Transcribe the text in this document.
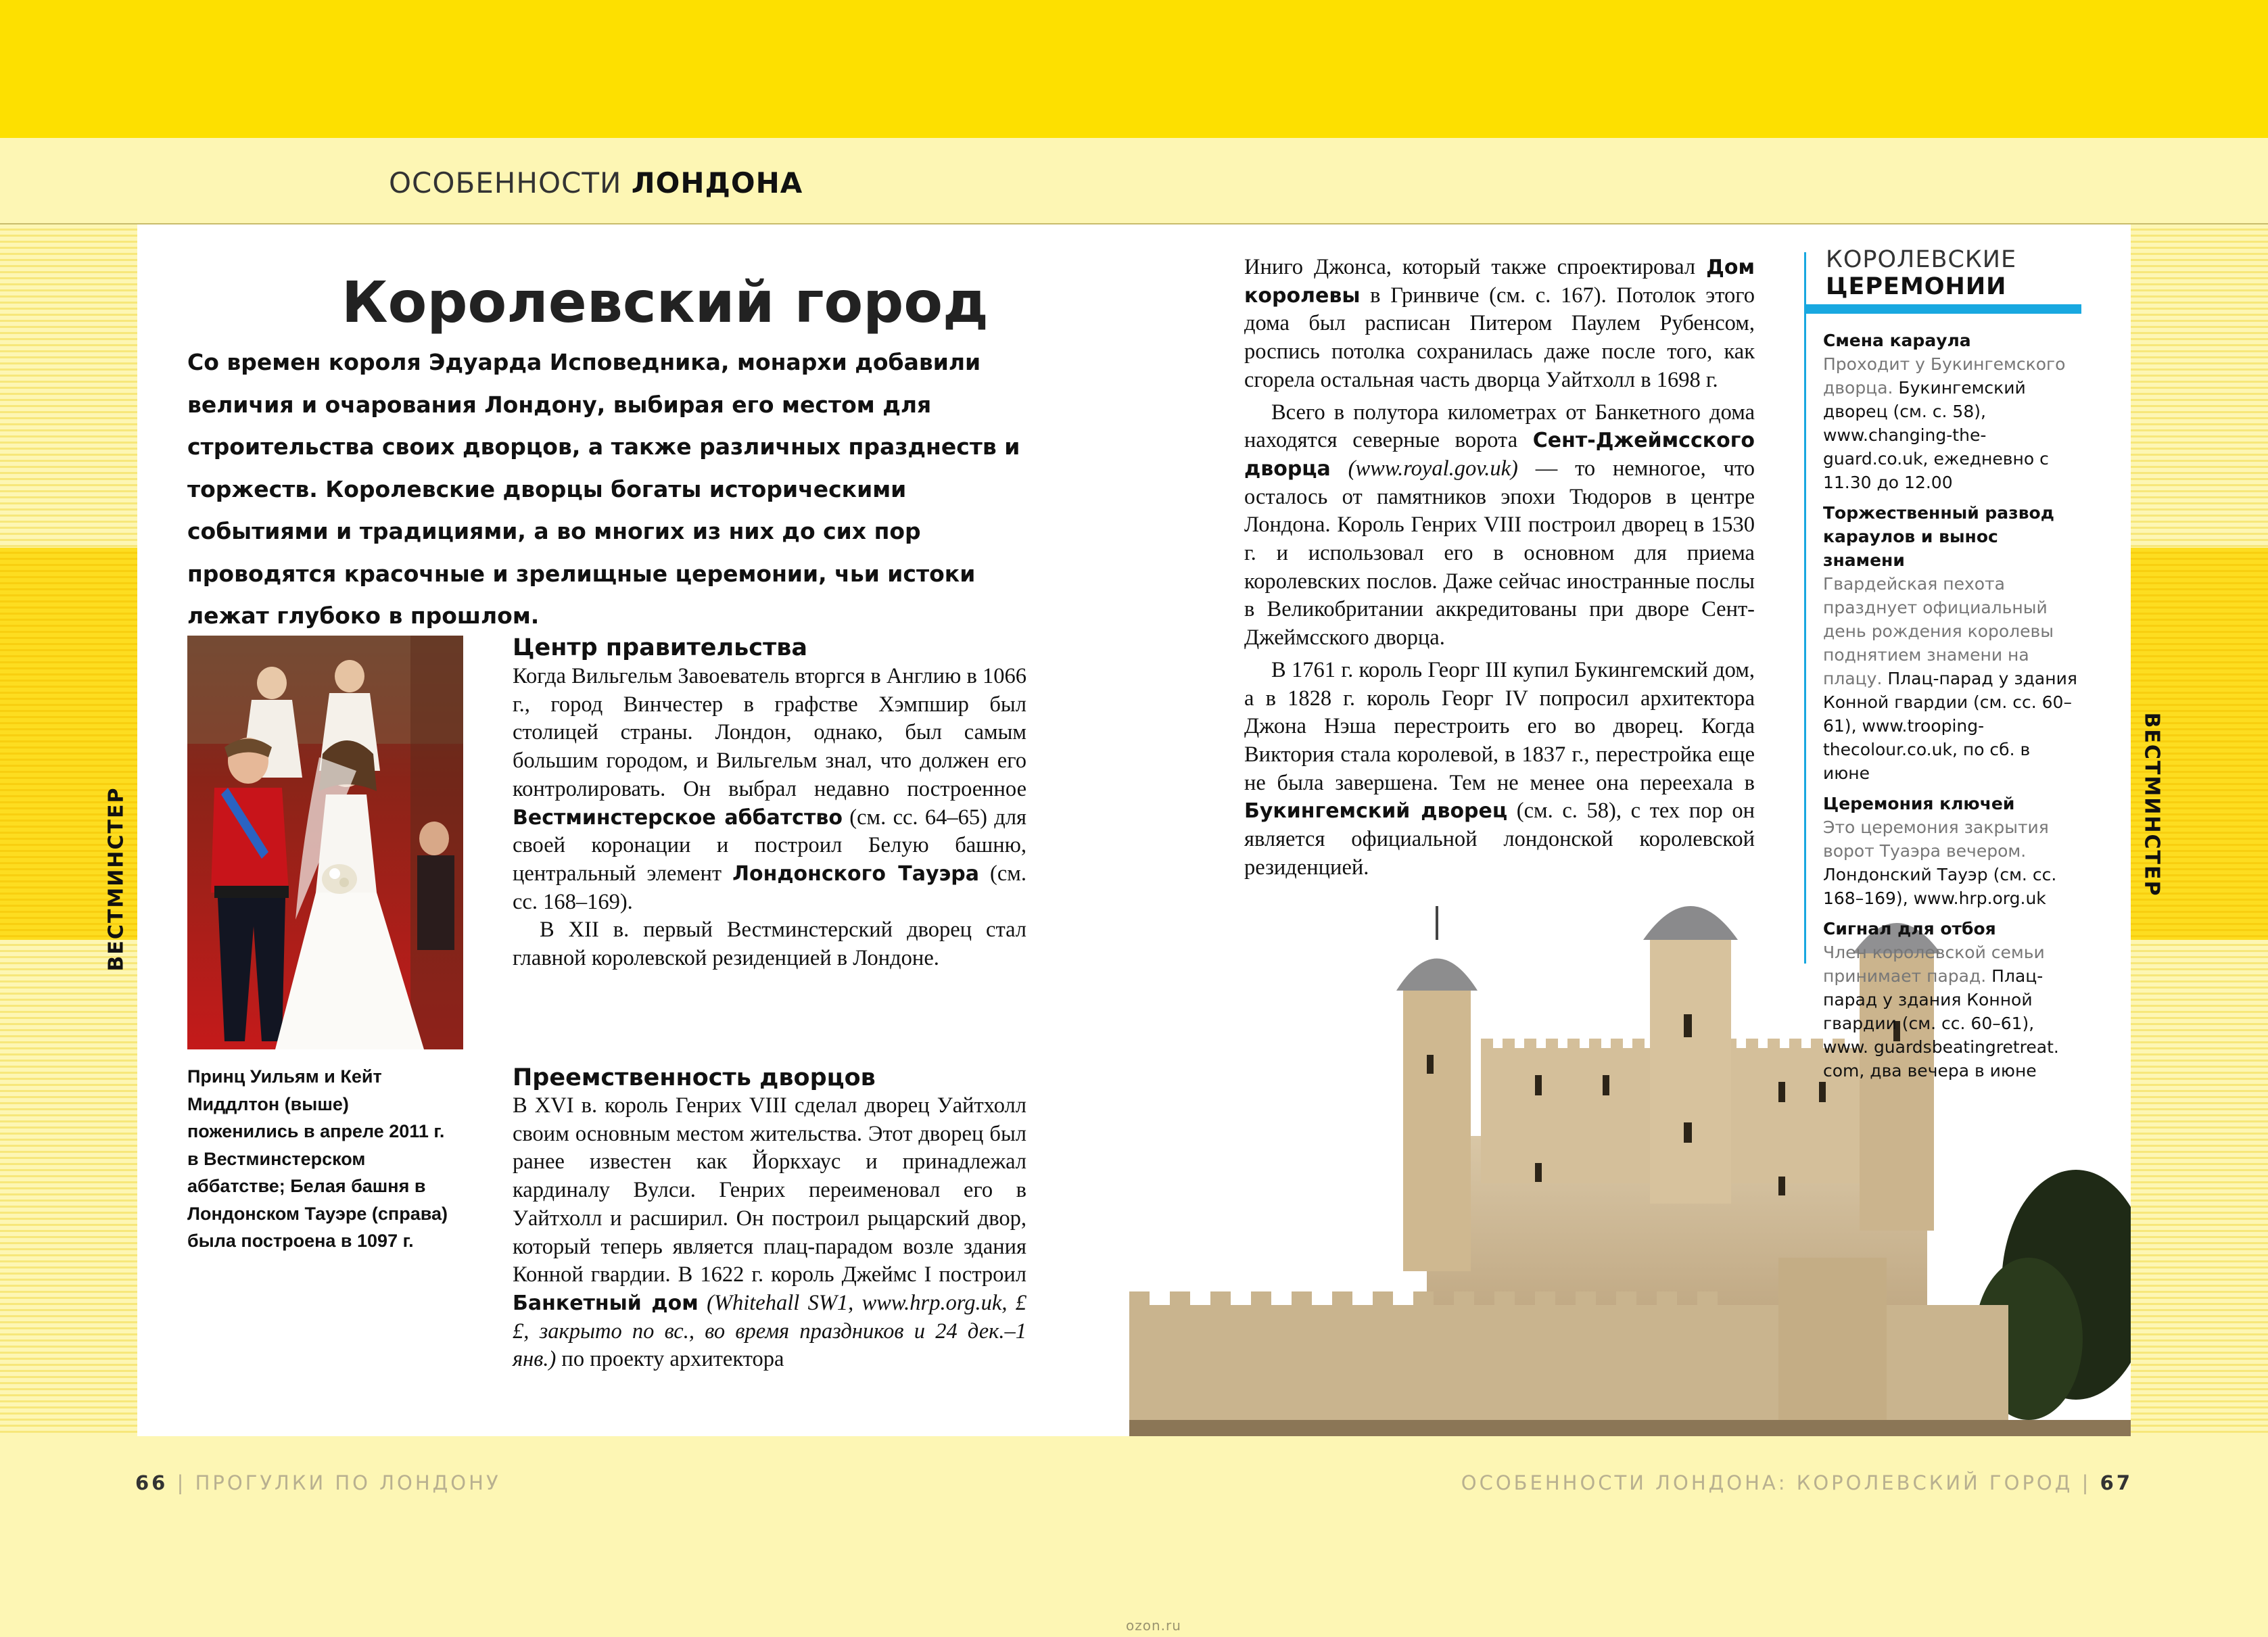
ОСОБЕННОСТИ ЛОНДОНА
ВЕСТМИНСТЕР	ВЕСТМИНСТЕР
Королевский город
Со времен короля Эдуарда Исповедника, монархи добавили величия и очарования Лондону, выбирая его местом для строительства своих дворцов, а также различных празднеств и торжеств. Королевские дворцы богаты историческими событиями и традициями, а во многих из них до сих пор проводятся красочные и зрелищные церемонии, чьи истоки лежат глубоко в прошлом.
Принц Уильям и Кейт Миддлтон (выше) поженились в апреле 2011 г. в Вестминстерском аббатстве; Белая башня в Лондонском Тауэре (справа) была построена в 1097 г.
Центр правительства
Когда Вильгельм Завоеватель вторгся в Англию в 1066 г., город Винчестер в графстве Хэмпшир был столицей страны. Лондон, однако, был самым большим городом, и Вильгельм знал, что должен его контролировать. Он выбрал недавно построенное Вестминстерское аббатство (см. сс. 64–65) для своей коронации и построил Белую башню, центральный элемент Лондонского Тауэра (см. сс. 168–169).
В XII в. первый Вестминстерский дворец стал главной королевской резиденцией в Лондоне.
Преемственность дворцов
В XVI в. король Генрих VIII сделал дворец Уайтхолл своим основным местом жительства. Этот дворец был ранее известен как Йоркхаус и принадлежал кардиналу Вулси. Генрих переименовал его в Уайтхолл и расширил. Он построил рыцарский двор, который теперь является плац-парадом возле здания Конной гвардии. В 1622 г. король Джеймс I построил Банкетный дом (Whitehall SW1, www.hrp.org.uk, ££, закрыто по вс., во время праздников и 24 дек.–1 янв.) по проекту архитектора

Иниго Джонса, который также спроектировал Дом королевы в Гринвиче (см. с. 167). Потолок этого дома был расписан Питером Паулем Рубенсом, роспись потолка сохранилась даже после того, как сгорела остальная часть дворца Уайтхолл в 1698 г.

Всего в полутора километрах от Банкетного дома находятся северные ворота Сент-Джеймсского дворца (www.royal.gov.uk) — то немногое, что осталось от памятников эпохи Тюдоров в центре Лондона. Король Генрих VIII построил дворец в 1530 г. и использовал его в основном для приема королевских послов. Даже сейчас иностранные послы в Великобритании аккредитованы при дворе Сент-Джеймсского дворца.

В 1761 г. король Георг III купил Букингемский дом, а в 1828 г. король Георг IV попросил архитектора Джона Нэша перестроить его во дворец. Когда Виктория стала королевой, в 1837 г., перестройка еще не была завершена. Тем не менее она переехала в Букингемский дворец (см. с. 58), с тех пор он является официальной лондонской королевской резиденцией.

КОРОЛЕВСКИЕ
ЦЕРЕМОНИИ
Смена караула
Проходит у Букингемского дворца. Букингемский дворец (см. с. 58), www.changing-the-guard.co.uk, ежедневно с 11.30 до 12.00
Торжественный развод караулов и вынос знамени
Гвардейская пехота празднует официальный день рождения королевы поднятием знамени на плацу. Плац-парад у здания Конной гвардии (см. сс. 60–61), www.trooping-thecolour.co.uk, по сб. в июне
Церемония ключей
Это церемония закрытия ворот Туаэра вечером. Лондонский Тауэр (см. сс. 168–169), www.hrp.org.uk
Сигнал для отбоя
Член королевской семьи принимает парад. Плац-парад у здания Конной гвардии (см. сс. 60–61), www. guardsbeatingretreat. com, два вечера в июне
66 | ПРОГУЛКИ ПО ЛОНДОНУ	ОСОБЕННОСТИ ЛОНДОНА: КОРОЛЕВСКИЙ ГОРОД | 67
ozon.ru
